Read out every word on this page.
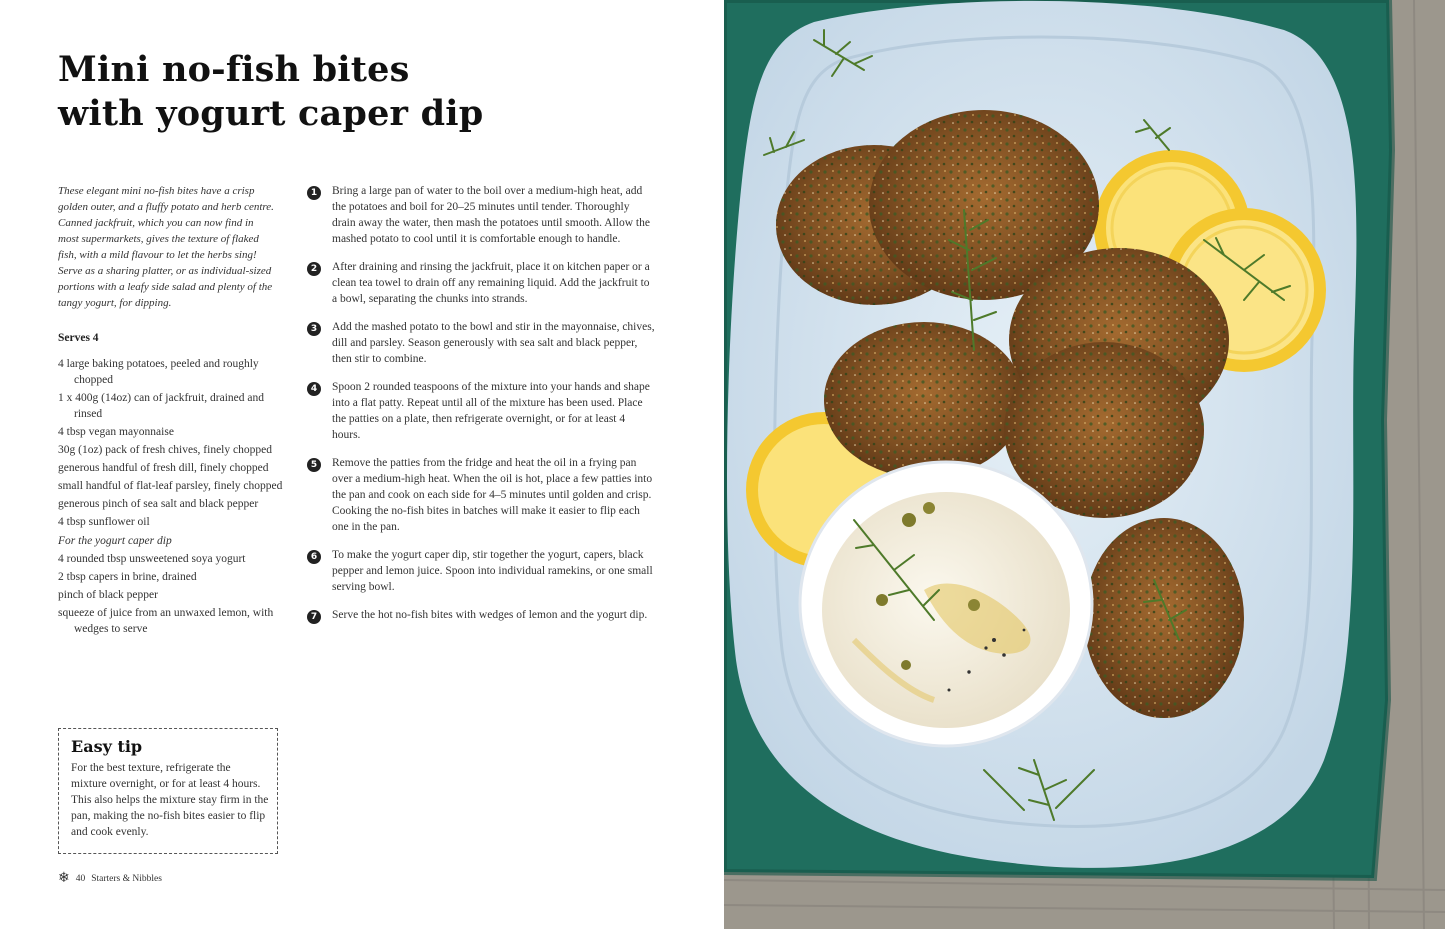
Mini no-fish bites
with yogurt caper dip

These elegant mini no-fish bites have a crisp golden outer, and a fluffy potato and herb centre. Canned jackfruit, which you can now find in most supermarkets, gives the texture of flaked fish, with a mild flavour to let the herbs sing! Serve as a sharing platter, or as individual-sized portions with a leafy side salad and plenty of the tangy yogurt, for dipping.

Serves 4

4 large baking potatoes, peeled and roughly chopped
1 x 400g (14oz) can of jackfruit, drained and rinsed
4 tbsp vegan mayonnaise
30g (1oz) pack of fresh chives, finely chopped
generous handful of fresh dill, finely chopped
small handful of flat-leaf parsley, finely chopped
generous pinch of sea salt and black pepper
4 tbsp sunflower oil
For the yogurt caper dip
4 rounded tbsp unsweetened soya yogurt
2 tbsp capers in brine, drained
pinch of black pepper
squeeze of juice from an unwaxed lemon, with wedges to serve

Easy tip

For the best texture, refrigerate the mixture overnight, or for at least 4 hours. This also helps the mixture stay firm in the pan, making the no-fish bites easier to flip and cook evenly.

1	Bring a large pan of water to the boil over a medium-high heat, add the potatoes and boil for 20–25 minutes until tender. Thoroughly drain away the water, then mash the potatoes until smooth. Allow the mashed potato to cool until it is comfortable enough to handle.
2	After draining and rinsing the jackfruit, place it on kitchen paper or a clean tea towel to drain off any remaining liquid. Add the jackfruit to a bowl, separating the chunks into strands.
3	Add the mashed potato to the bowl and stir in the mayonnaise, chives, dill and parsley. Season generously with sea salt and black pepper, then stir to combine.
4	Spoon 2 rounded teaspoons of the mixture into your hands and shape into a flat patty. Repeat until all of the mixture has been used. Place the patties on a plate, then refrigerate overnight, or for at least 4 hours.
5	Remove the patties from the fridge and heat the oil in a frying pan over a medium-high heat. When the oil is hot, place a few patties into the pan and cook on each side for 4–5 minutes until golden and crisp. Cooking the no-fish bites in batches will make it easier to flip each one in the pan.
6	To make the yogurt caper dip, stir together the yogurt, capers, black pepper and lemon juice. Spoon into individual ramekins, or one small serving bowl.
7	Serve the hot no-fish bites with wedges of lemon and the yogurt dip.
❄ 40 Starters & Nibbles
